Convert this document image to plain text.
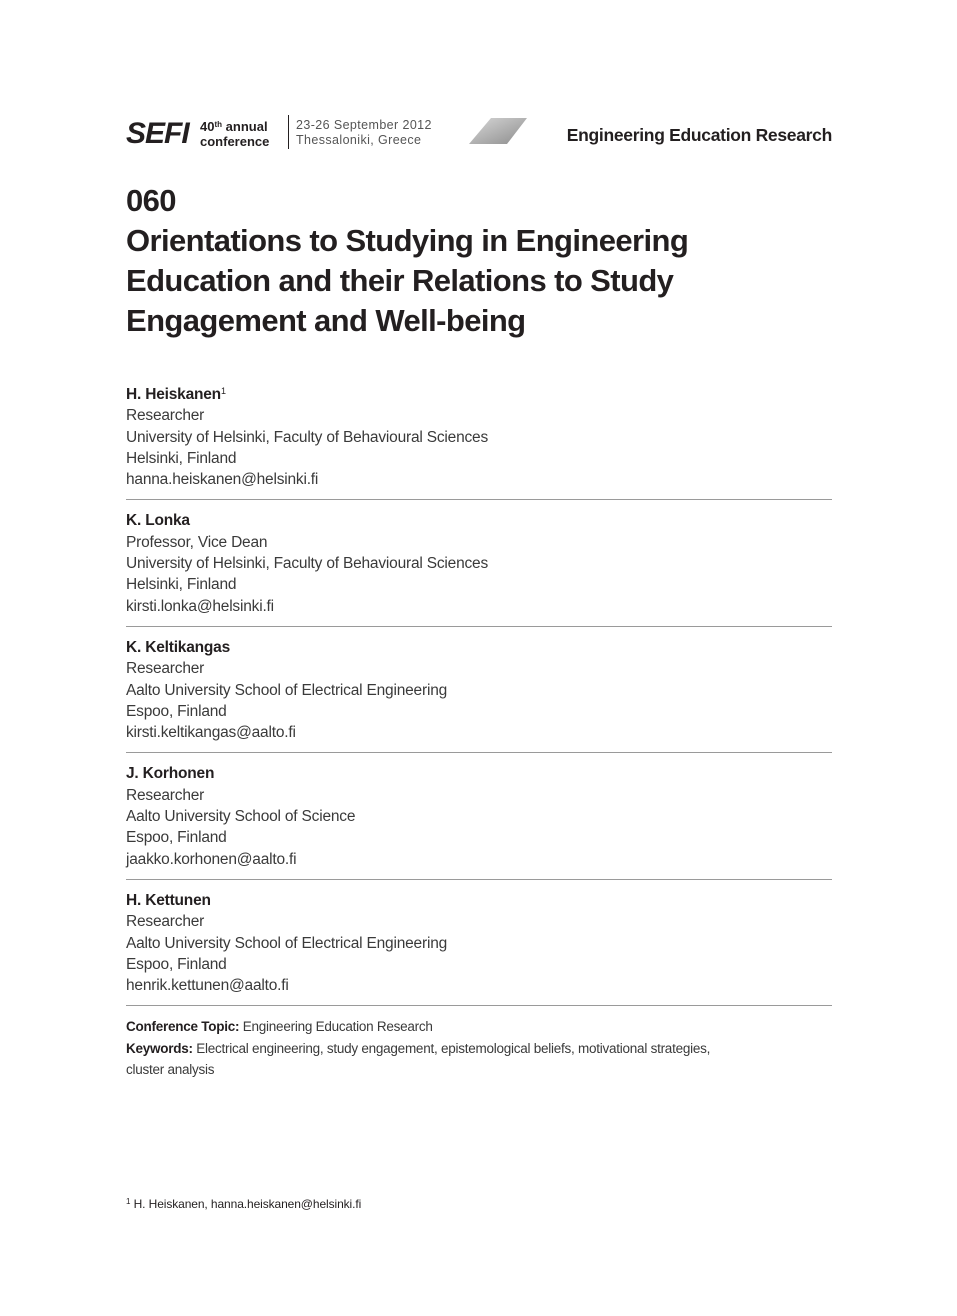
SEFI 40th annual
conference
23-26 September 2012
Thessaloniki, Greece	Engineering Education Research
060
Orientations to Studying in Engineering
Education and their Relations to Study
Engagement and Well-being
H. Heiskanen$^1$
Researcher
University of Helsinki, Faculty of Behavioural Sciences
Helsinki, Finland
hanna.heiskanen@helsinki.fi
K. Lonka
Professor, Vice Dean
University of Helsinki, Faculty of Behavioural Sciences
Helsinki, Finland
kirsti.lonka@helsinki.fi
K. Keltikangas
Researcher
Aalto University School of Electrical Engineering
Espoo, Finland
kirsti.keltikangas@aalto.fi
J. Korhonen
Researcher
Aalto University School of Science
Espoo, Finland
jaakko.korhonen@aalto.fi
H. Kettunen
Researcher
Aalto University School of Electrical Engineering
Espoo, Finland
henrik.kettunen@aalto.fi
Conference Topic: Engineering Education Research
Keywords: Electrical engineering, study engagement, epistemological beliefs, motivational strategies,
cluster analysis
$^1$ H. Heiskanen, hanna.heiskanen@helsinki.fi
